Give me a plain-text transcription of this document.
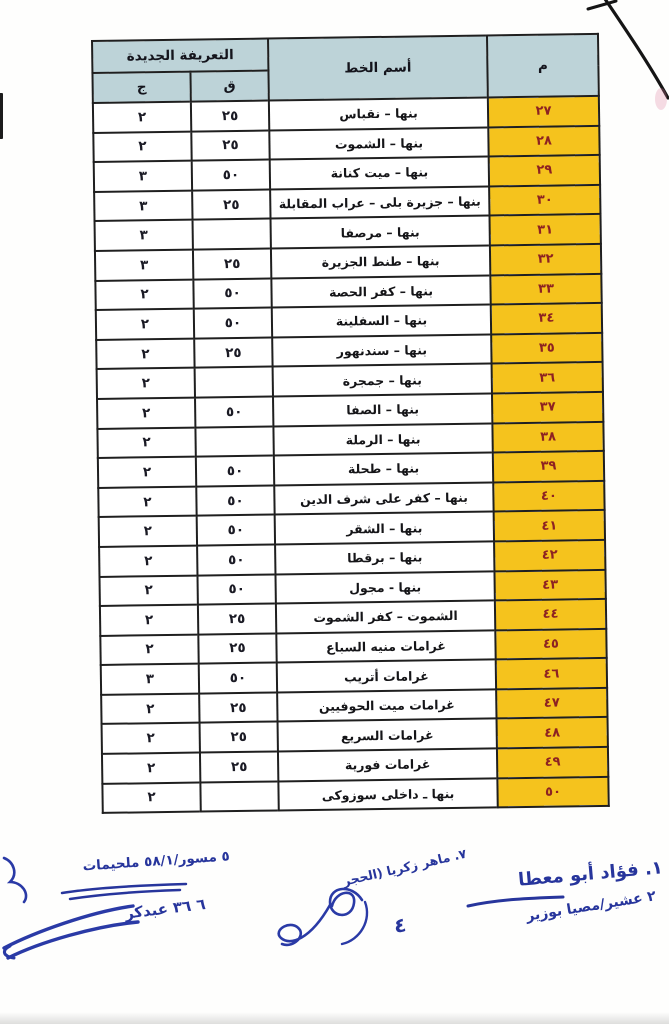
م	أسم الخط	التعريفة الجديدة	
		ق	ج
٢٧	بنها – نقباس	٢٥	٢
٢٨	بنها – الشموت	٢٥	٢
٢٩	بنها – ميت كنانة	٥٠	٣
٣٠	بنها – جزيرة بلى – عراب المقابلة	٢٥	٣
٣١	بنها – مرصفا		٣
٣٢	بنها – طنط الجزيرة	٢٥	٣
٣٣	بنها – كفر الحصة	٥٠	٢
٣٤	بنها – السفلينة	٥٠	٢
٣٥	بنها – سندنهور	٢٥	٢
٣٦	بنها – جمجرة		٢
٣٧	بنها – الصفا	٥٠	٢
٣٨	بنها – الرملة		٢
٣٩	بنها – طحلة	٥٠	٢
٤٠	بنها – كفر على شرف الدين	٥٠	٢
٤١	بنها – الشقر	٥٠	٢
٤٢	بنها – برقطا	٥٠	٢
٤٣	بنها - مجول	٥٠	٢
٤٤	الشموت – كفر الشموت	٢٥	٢
٤٥	غرامات منيه السباع	٢٥	٢
٤٦	غرامات أتريب	٥٠	٣
٤٧	غرامات ميت الحوفيين	٢٥	٢
٤٨	غرامات السريع	٢٥	٢
٤٩	غرامات فورية	٢٥	٢
٥٠	بنها ـ داخلى سوزوكى		٢
١. فؤاد أبو معطا
٢ عشير/مصيا بوزير
٧. ماهر زكريا (الحجر
٤
٥ مسور/٥٨/١ ملحيمات
٦ ٣٦ عبدكر
